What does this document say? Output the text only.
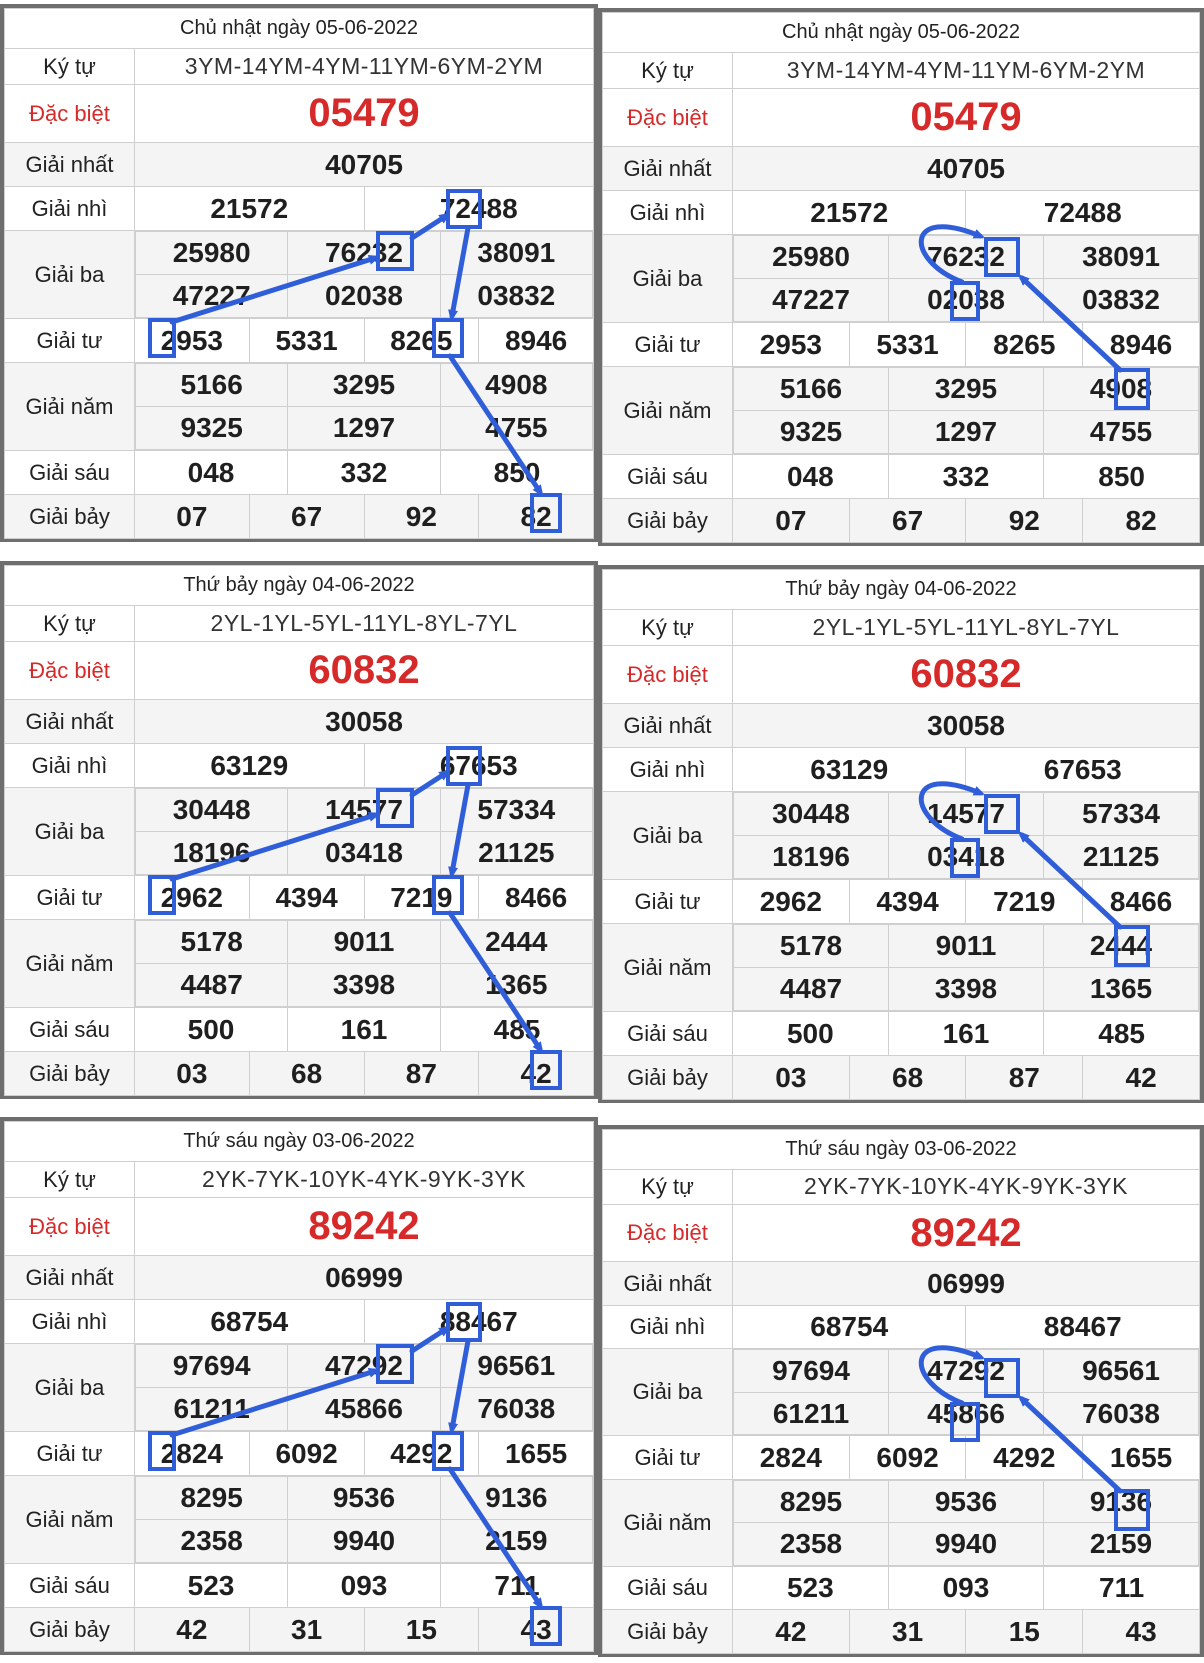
Chủ nhật ngày 05-06-2022
Ký tự	3YM-14YM-4YM-11YM-6YM-2YM
Đặc biệt	05479
Giải nhất	40705
Giải nhì	21572	72488
Giải ba	
25980	76232	38091
47227	02038	03832

Giải tư	2953	5331	8265	8946
Giải năm	
5166	3295	4908
9325	1297	4755

Giải sáu	048	332	850
Giải bảy	07	67	92	82
Chủ nhật ngày 05-06-2022
Ký tự	3YM-14YM-4YM-11YM-6YM-2YM
Đặc biệt	05479
Giải nhất	40705
Giải nhì	21572	72488
Giải ba	
25980	76232	38091
47227	02038	03832

Giải tư	2953	5331	8265	8946
Giải năm	
5166	3295	4908
9325	1297	4755

Giải sáu	048	332	850
Giải bảy	07	67	92	82
Thứ bảy ngày 04-06-2022
Ký tự	2YL-1YL-5YL-11YL-8YL-7YL
Đặc biệt	60832
Giải nhất	30058
Giải nhì	63129	67653
Giải ba	
30448	14577	57334
18196	03418	21125

Giải tư	2962	4394	7219	8466
Giải năm	
5178	9011	2444
4487	3398	1365

Giải sáu	500	161	485
Giải bảy	03	68	87	42
Thứ bảy ngày 04-06-2022
Ký tự	2YL-1YL-5YL-11YL-8YL-7YL
Đặc biệt	60832
Giải nhất	30058
Giải nhì	63129	67653
Giải ba	
30448	14577	57334
18196	03418	21125

Giải tư	2962	4394	7219	8466
Giải năm	
5178	9011	2444
4487	3398	1365

Giải sáu	500	161	485
Giải bảy	03	68	87	42
Thứ sáu ngày 03-06-2022
Ký tự	2YK-7YK-10YK-4YK-9YK-3YK
Đặc biệt	89242
Giải nhất	06999
Giải nhì	68754	88467
Giải ba	
97694	47292	96561
61211	45866	76038

Giải tư	2824	6092	4292	1655
Giải năm	
8295	9536	9136
2358	9940	2159

Giải sáu	523	093	711
Giải bảy	42	31	15	43
Thứ sáu ngày 03-06-2022
Ký tự	2YK-7YK-10YK-4YK-9YK-3YK
Đặc biệt	89242
Giải nhất	06999
Giải nhì	68754	88467
Giải ba	
97694	47292	96561
61211	45866	76038

Giải tư	2824	6092	4292	1655
Giải năm	
8295	9536	9136
2358	9940	2159

Giải sáu	523	093	711
Giải bảy	42	31	15	43
